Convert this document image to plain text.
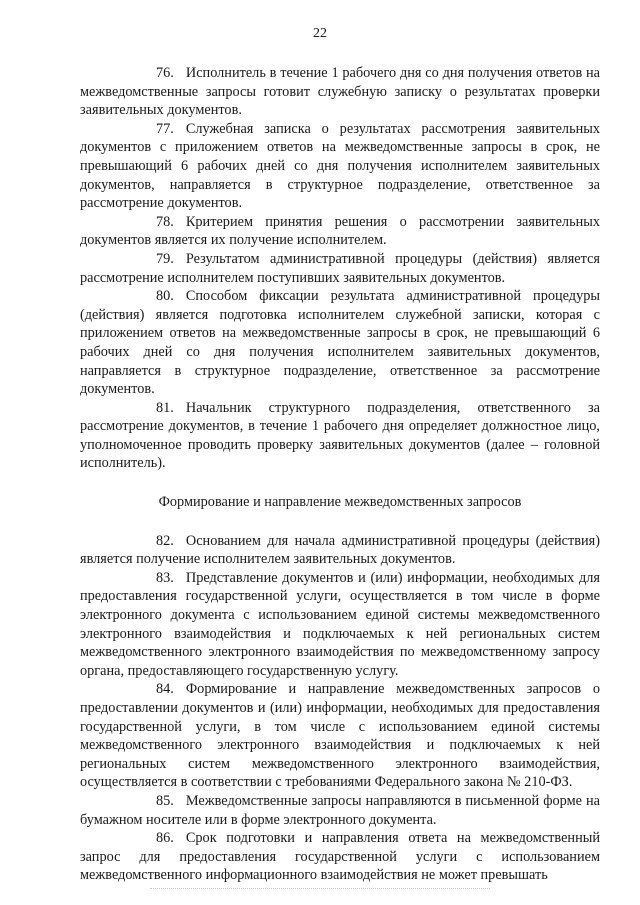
22

76. Исполнитель в течение 1 рабочего дня со дня получения ответов на межведомственные запросы готовит служебную записку о результатах проверки заявительных документов.

77. Служебная записка о результатах рассмотрения заявительных документов с приложением ответов на межведомственные запросы в срок, не превышающий 6 рабочих дней со дня получения исполнителем заявительных документов, направляется в структурное подразделение, ответственное за рассмотрение документов.

78. Критерием принятия решения о рассмотрении заявительных документов является их получение исполнителем.

79. Результатом административной процедуры (действия) является рассмотрение исполнителем поступивших заявительных документов.

80. Способом фиксации результата административной процедуры (действия) является подготовка исполнителем служебной записки, которая с приложением ответов на межведомственные запросы в срок, не превышающий 6 рабочих дней со дня получения исполнителем заявительных документов, направляется в структурное подразделение, ответственное за рассмотрение документов.

81. Начальник структурного подразделения, ответственного за рассмотрение документов, в течение 1 рабочего дня определяет должностное лицо, уполномоченное проводить проверку заявительных документов (далее – головной исполнитель).

Формирование и направление межведомственных запросов

82. Основанием для начала административной процедуры (действия) является получение исполнителем заявительных документов.

83. Представление документов и (или) информации, необходимых для предоставления государственной услуги, осуществляется в том числе в форме электронного документа с использованием единой системы межведомственного электронного взаимодействия и подключаемых к ней региональных систем межведомственного электронного взаимодействия по межведомственному запросу органа, предоставляющего государственную услугу.

84. Формирование и направление межведомственных запросов о предоставлении документов и (или) информации, необходимых для предоставления государственной услуги, в том числе с использованием единой системы межведомственного электронного взаимодействия и подключаемых к ней региональных систем межведомственного электронного взаимодействия, осуществляется в соответствии с требованиями Федерального закона № 210-ФЗ.

85. Межведомственные запросы направляются в письменной форме на бумажном носителе или в форме электронного документа.

86. Срок подготовки и направления ответа на межведомственный запрос для предоставления государственной услуги с использованием межведомственного информационного взаимодействия не может превышать
